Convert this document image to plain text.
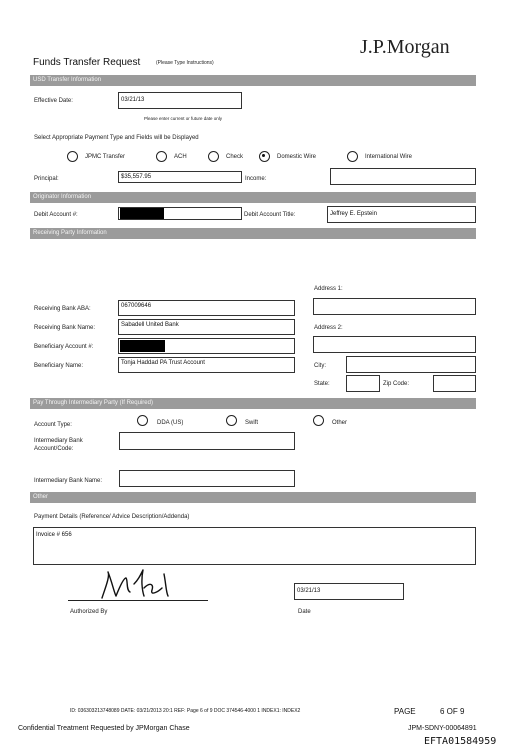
J.P.Morgan
Funds Transfer Request	(Please Type Instructions)
USD Transfer Information
Effective Date:	03/21/13
Please enter current or future date only
Select Appropriate Payment Type and Fields will be Displayed
JPMC Transfer	ACH	Check	Domestic Wire	International Wire
Principal:	$35,557.95	Income:
Originator Information
Debit Account #:	Debit Account Title:	Jeffrey E. Epstein
Receiving Party Information
Address 1:
Receiving Bank ABA:	067009646
Receiving Bank Name:	Sabadell United Bank	Address 2:
Beneficiary Account #:
Beneficiary Name:	Tonja Haddad PA Trust Account	City:
State:	Zip Code:
Pay Through Intermediary Party (If Required)
Account Type:	DDA (US)	Swift	Other
Intermediary Bank Account/Code:
Intermediary Bank Name:
Other
Payment Details (Reference/ Advice Description/Addenda)
Invoice # 656
Authorized By
03/21/13
Date
ID: 036303213748089 DATE: 03/21/2013 20:1 REF: Page 6 of 9 DOC 374546-4000 1 INDEX1: INDEX2	PAGE	6 OF 9
Confidential Treatment Requested by JPMorgan Chase	JPM-SDNY-00064891
EFTA01584959
